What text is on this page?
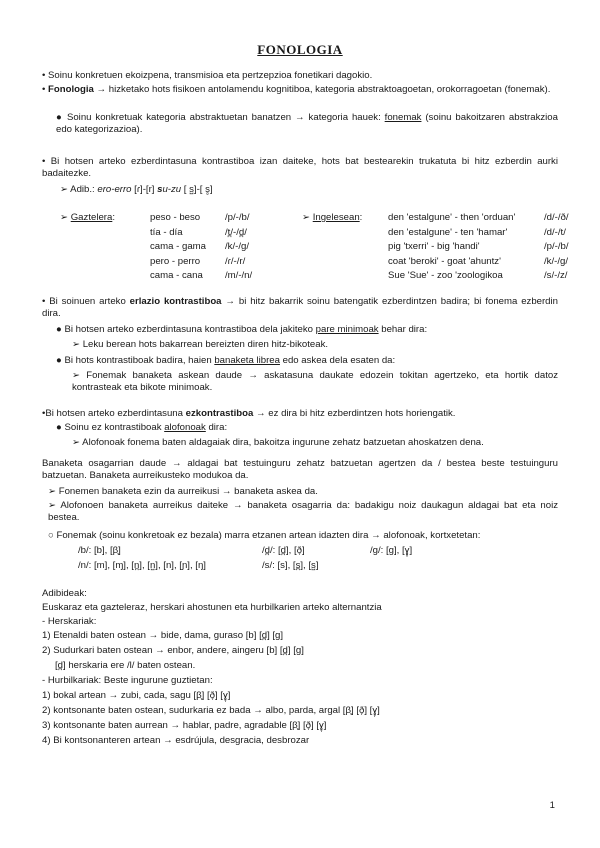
FONOLOGIA
• Soinu konkretuen ekoizpena, transmisioa eta pertzepzioa fonetikari dagokio.
• Fonologia → hizketako hots fisikoen antolamendu kognitiboa, kategoria abstraktoagoetan, orokorragoetan (fonemak).
● Soinu konkretuak kategoria abstraktuetan banatzen → kategoria hauek: fonemak (soinu bakoitzaren abstrakzioa edo kategorizazioa).
• Bi hotsen arteko ezberdintasuna kontrastiboa izan daiteke, hots bat bestearekin trukatuta bi hitz ezberdin aurki badaitezke.
➢ Adib.: ero-erro [ɾ]-[r] su-zu [ s̺]-[ s̻]
➢ Gaztelera:	peso - beso	/p/-/b/
tía - día	/t̪/-/d̪/
cama - gama /k/-/g/
pero - perro	/ɾ/-/r/
cama - cana /m/-/n/
➢ Ingelesean:	den 'estalgune' - then 'orduan'	/d/-/ð/
den 'estalgune' - ten 'hamar'	/d/-/t/
pig 'txerri' - big 'handi'	/p/-/b/
coat 'beroki' - goat 'ahuntz'	/k/-/g/
Sue 'Sue' - zoo 'zoologikoa	/s/-/z/
• Bi soinuen arteko erlazio kontrastiboa → bi hitz bakarrik soinu batengatik ezberdintzen badira; bi fonema ezberdin dira.
● Bi hotsen arteko ezberdintasuna kontrastiboa dela jakiteko pare minimoak behar dira:
➢ Leku berean hots bakarrean bereizten diren hitz-bikoteak.
● Bi hots kontrastiboak badira, haien banaketa librea edo askea dela esaten da:
➢ Fonemak banaketa askean daude → askatasuna daukate edozein tokitan agertzeko, eta hortik datoz kontrasteak eta bikote minimoak.
•Bi hotsen arteko ezberdintasuna ezkontrastiboa → ez dira bi hitz ezberdintzen hots horiengatik.
● Soinu ez kontrastiboak alofonoak dira:
➢ Alofonoak fonema baten aldagaiak dira, bakoitza ingurune zehatz batzuetan ahoskatzen dena.
Banaketa osagarrian daude → aldagai bat testuinguru zehatz batzuetan agertzen da / bestea beste testuinguru batzuetan. Banaketa aurreikusteko modukoa da.
➢ Fonemen banaketa ezin da aurreikusi → banaketa askea da.
➢ Alofonoen banaketa aurreikus daiteke → banaketa osagarria da: badakigu noiz daukagun aldagai bat eta noiz bestea.
○ Fonemak (soinu konkretoak ez bezala) marra etzanen artean idazten dira → alofonoak, kortxetetan:
/b/: [b], [β̞]	/d̪/: [d̪], [ð̞]	/g/: [g], [ɣ̞]
/n/: [m], [ɱ], [n̪], [n̺], [n], [ɲ], [ŋ]	/s/: [s], [s̪], [s̺]
Adibideak:
Euskaraz eta gazteleraz, herskari ahostunen eta hurbilkarien arteko alternantzia
- Herskariak:
1) Etenaldi baten ostean → bide, dama, guraso [b] [d̪] [g]
2) Sudurkari baten ostean → enbor, andere, aingeru [b] [d̪] [g]
[d̪] herskaria ere /l/ baten ostean.
- Hurbilkariak: Beste ingurune guztietan:
1) bokal artean → zubi, cada, sagu [β̞] [ð̞] [ɣ̞]
2) kontsonante baten ostean, sudurkaria ez bada → albo, parda, argal [β̞] [ð̞] [ɣ̞]
3) kontsonante baten aurrean → hablar, padre, agradable [β̞] [ð̞] [ɣ̞]
4) Bi kontsonanteren artean → esdrújula, desgracia, desbrozar
1
